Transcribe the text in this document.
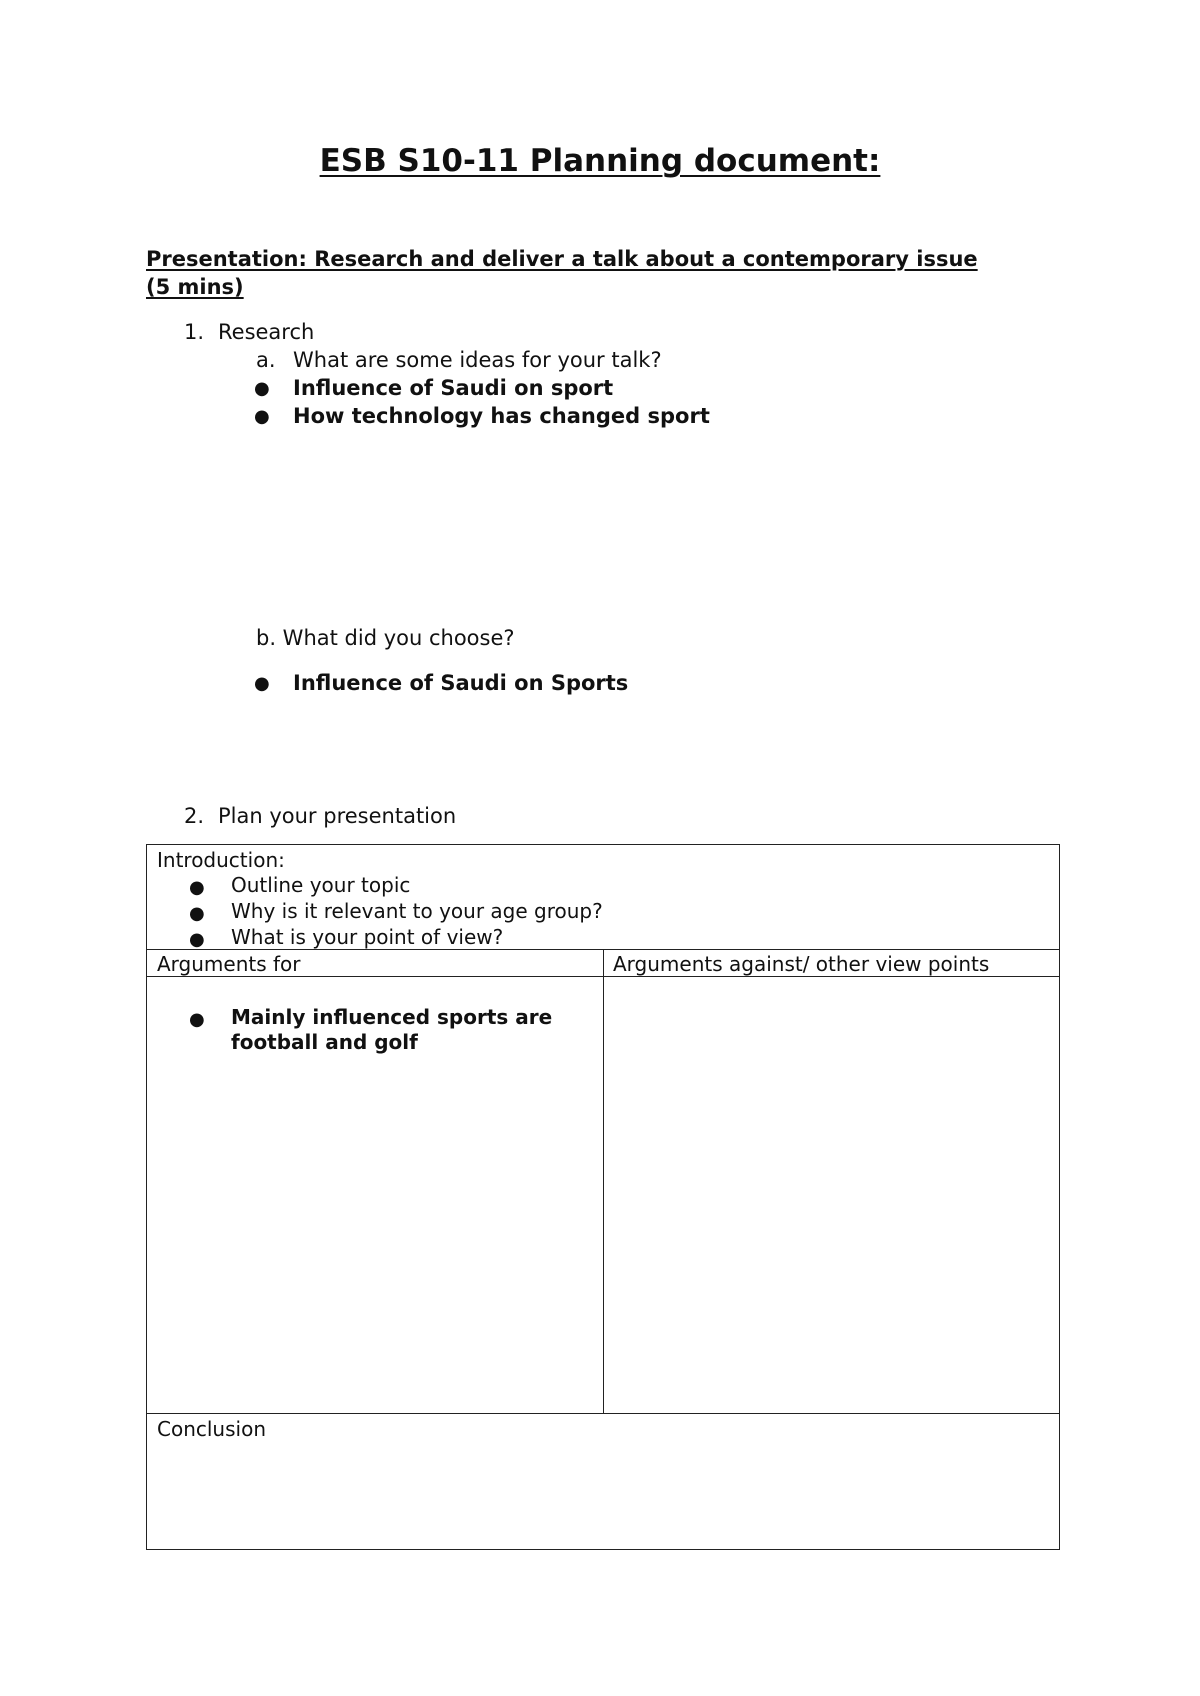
ESB S10-11 Planning document:
Presentation: Research and deliver a talk about a contemporary issue
(5 mins)
1. Research
a. What are some ideas for your talk?
● Influence of Saudi on sport
● How technology has changed sport
b. What did you choose?
● Influence of Saudi on Sports
2. Plan your presentation
Introduction:
● Outline your topic
● Why is it relevant to your age group?
● What is your point of view?
Arguments for	Arguments against/ other view points
● Mainly influenced sports are
football and golf
Conclusion
